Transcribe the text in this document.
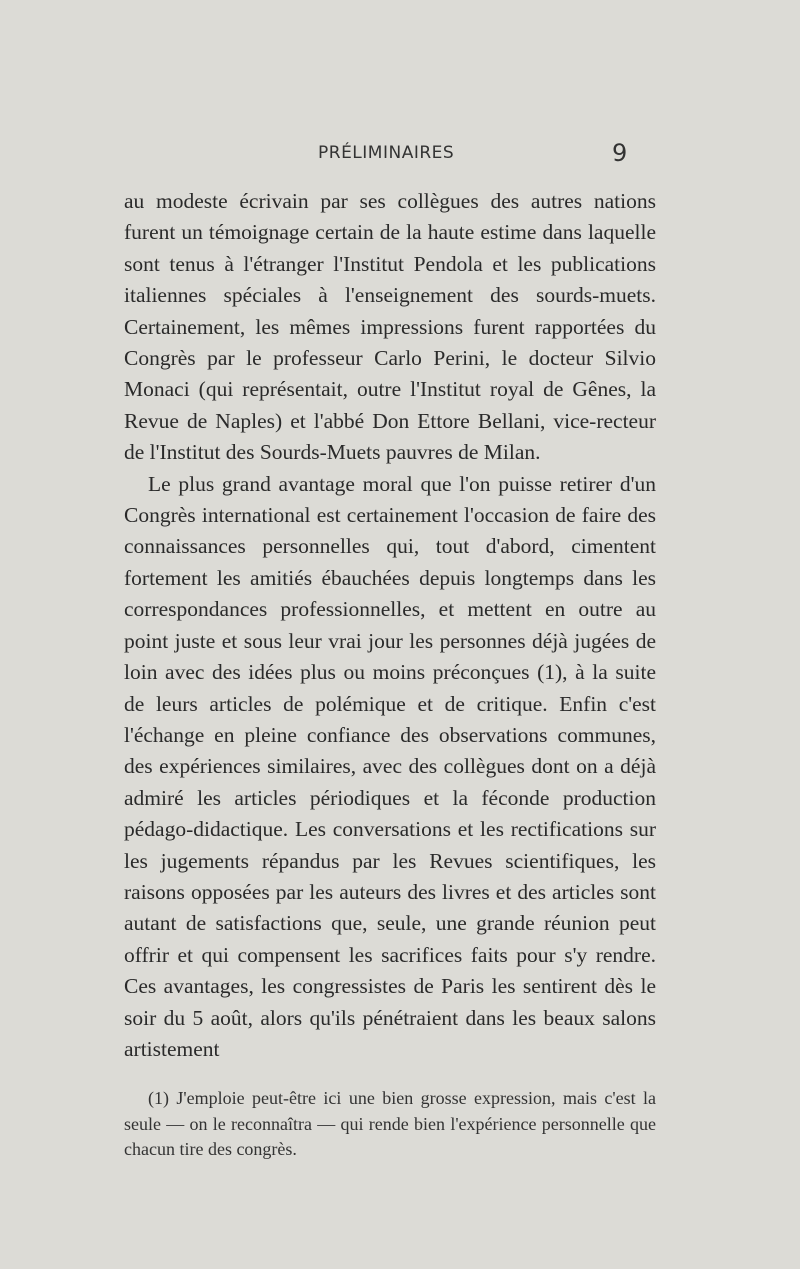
PRÉLIMINAIRES	9

au modeste écrivain par ses collègues des autres nations furent un témoignage certain de la haute estime dans laquelle sont tenus à l'étranger l'Institut Pendola et les publications italiennes spéciales à l'enseignement des sourds-muets. Certainement, les mêmes impressions furent rapportées du Congrès par le professeur Carlo Perini, le docteur Silvio Monaci (qui représentait, outre l'Institut royal de Gênes, la Revue de Naples) et l'abbé Don Ettore Bellani, vice-recteur de l'Institut des Sourds-Muets pauvres de Milan.

Le plus grand avantage moral que l'on puisse retirer d'un Congrès international est certainement l'occasion de faire des connaissances personnelles qui, tout d'abord, cimentent fortement les amitiés ébauchées depuis longtemps dans les correspondances professionnelles, et mettent en outre au point juste et sous leur vrai jour les personnes déjà jugées de loin avec des idées plus ou moins préconçues (1), à la suite de leurs articles de polémique et de critique. Enfin c'est l'échange en pleine confiance des observations communes, des expériences similaires, avec des collègues dont on a déjà admiré les articles périodiques et la féconde production pédago-didactique. Les conversations et les rectifications sur les jugements répandus par les Revues scientifiques, les raisons opposées par les auteurs des livres et des articles sont autant de satisfactions que, seule, une grande réunion peut offrir et qui compensent les sacrifices faits pour s'y rendre. Ces avantages, les congressistes de Paris les sentirent dès le soir du 5 août, alors qu'ils pénétraient dans les beaux salons artistement

(1) J'emploie peut-être ici une bien grosse expression, mais c'est la seule — on le reconnaîtra — qui rende bien l'expérience personnelle que chacun tire des congrès.
